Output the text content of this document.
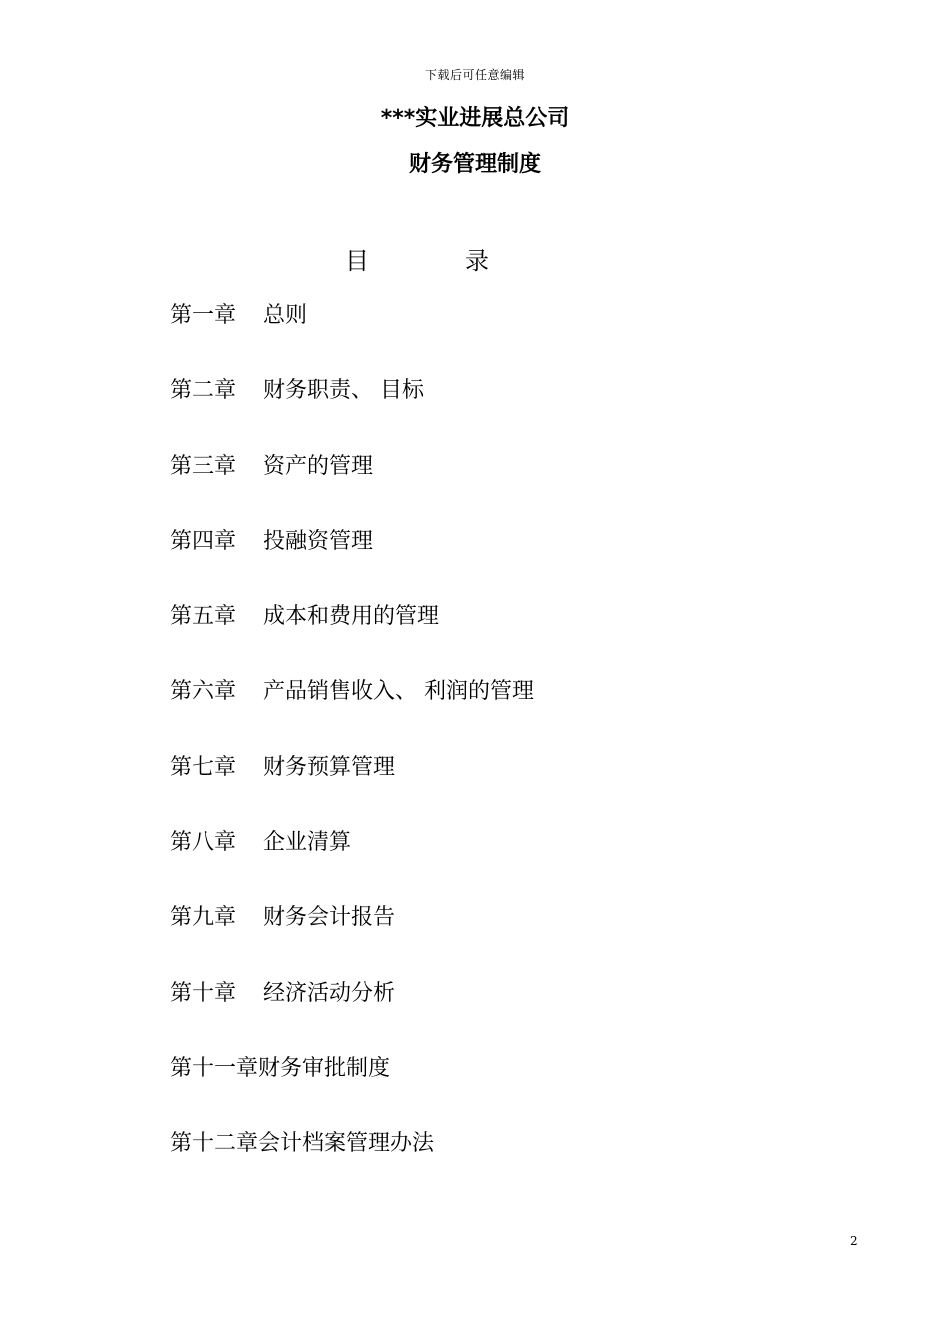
下载后可任意编辑
***实业进展总公司
财务管理制度
目	录
第一章 总则
第二章 财务职责、 目标
第三章 资产的管理
第四章 投融资管理
第五章 成本和费用的管理
第六章 产品销售收入、 利润的管理
第七章 财务预算管理
第八章 企业清算
第九章 财务会计报告
第十章 经济活动分析
第十一章财务审批制度
第十二章会计档案管理办法
2
